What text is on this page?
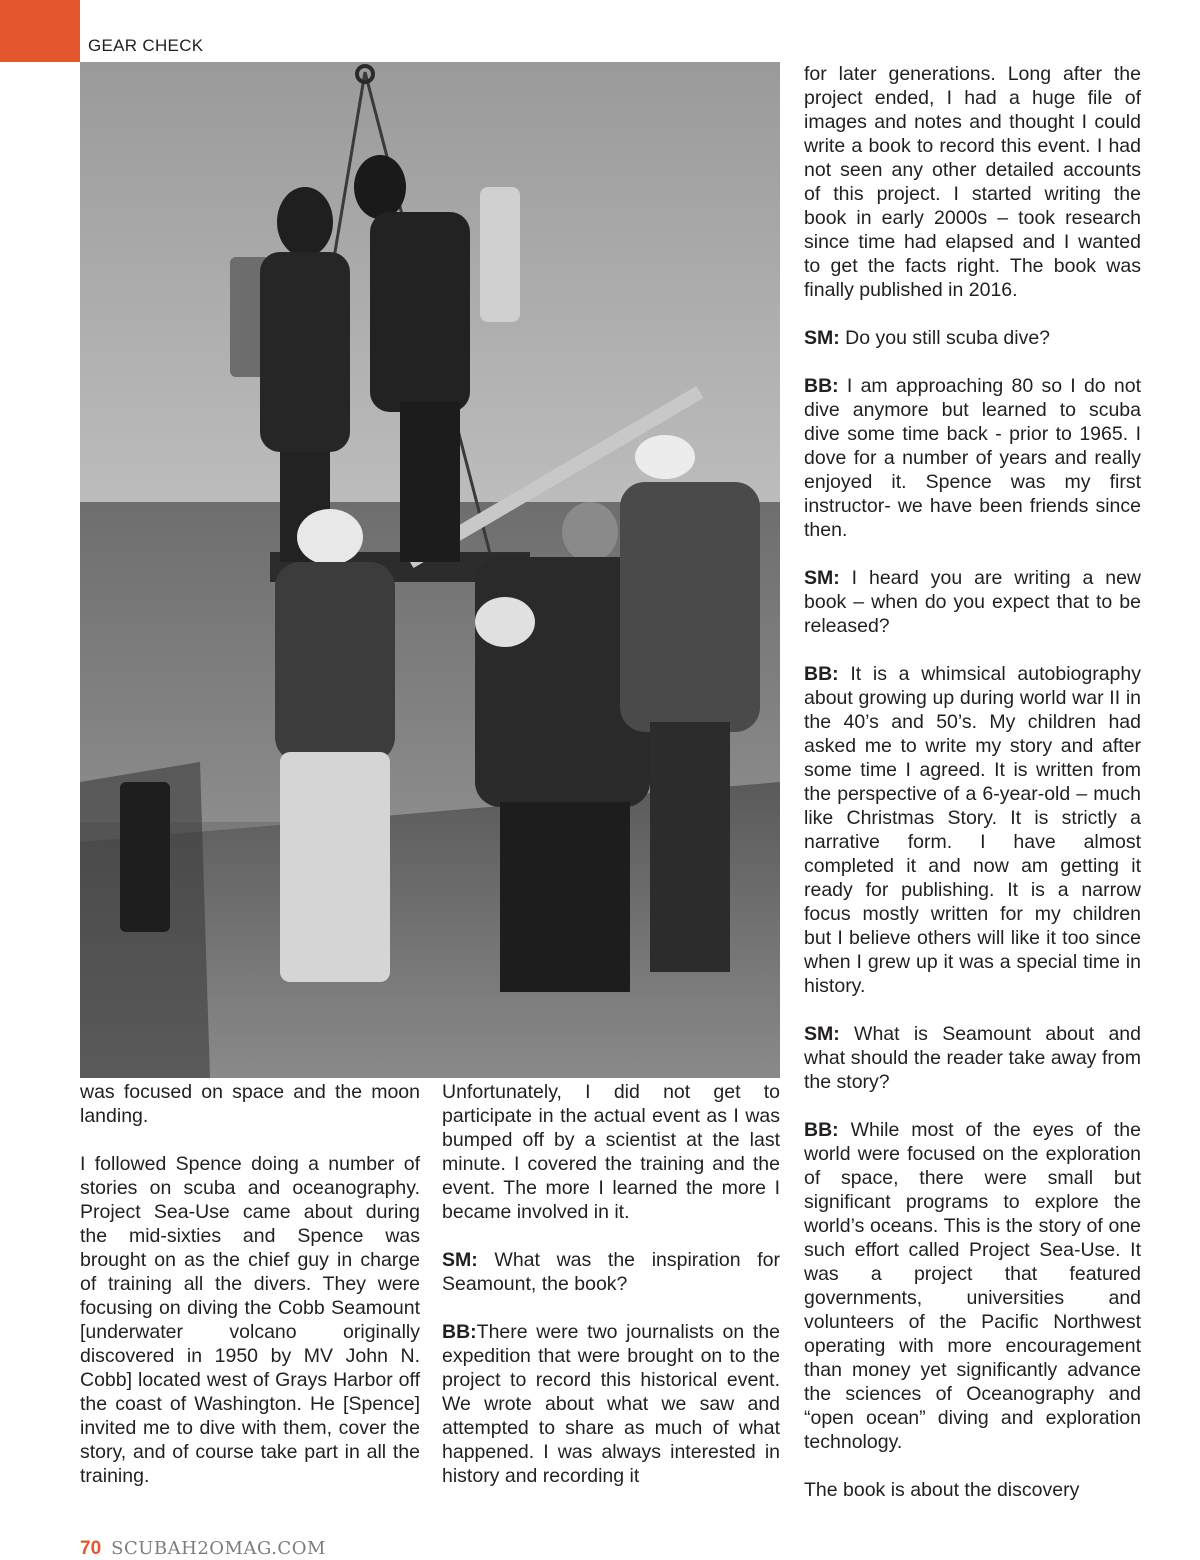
GEAR CHECK

was focused on space and the moon landing.

I followed Spence doing a number of stories on scuba and oceanography. Project Sea-Use came about during the mid-sixties and Spence was brought on as the chief guy in charge of training all the divers. They were focusing on diving the Cobb Seamount [underwater volcano originally discovered in 1950 by MV John N. Cobb] located west of Grays Harbor off the coast of Washington. He [Spence] invited me to dive with them, cover the story, and of course take part in all the training.

Unfortunately, I did not get to participate in the actual event as I was bumped off by a scientist at the last minute. I covered the training and the event. The more I learned the more I became involved in it.

SM: What was the inspiration for Seamount, the book?

BB:There were two journalists on the expedition that were brought on to the project to record this historical event. We wrote about what we saw and attempted to share as much of what happened. I was always interested in history and recording it

for later generations. Long after the project ended, I had a huge file of images and notes and thought I could write a book to record this event. I had not seen any other detailed accounts of this project. I started writing the book in early 2000s – took research since time had elapsed and I wanted to get the facts right. The book was finally published in 2016.

SM: Do you still scuba dive?

BB: I am approaching 80 so I do not dive anymore but learned to scuba dive some time back - prior to 1965. I dove for a number of years and really enjoyed it. Spence was my first instructor- we have been friends since then.

SM: I heard you are writing a new book – when do you expect that to be released?

BB: It is a whimsical autobiography about growing up during world war II in the 40’s and 50’s. My children had asked me to write my story and after some time I agreed. It is written from the perspective of a 6-year-old – much like Christmas Story. It is strictly a narrative form. I have almost completed it and now am getting it ready for publishing. It is a narrow focus mostly written for my children but I believe others will like it too since when I grew up it was a special time in history.

SM: What is Seamount about and what should the reader take away from the story?

BB: While most of the eyes of the world were focused on the exploration of space, there were small but significant programs to explore the world’s oceans. This is the story of one such effort called Project Sea-Use. It was a project that featured governments, universities and volunteers of the Pacific Northwest operating with more encouragement than money yet significantly advance the sciences of Oceanography and “open ocean” diving and exploration technology.

The book is about the discovery

70 SCUBAH2OMAG.COM
